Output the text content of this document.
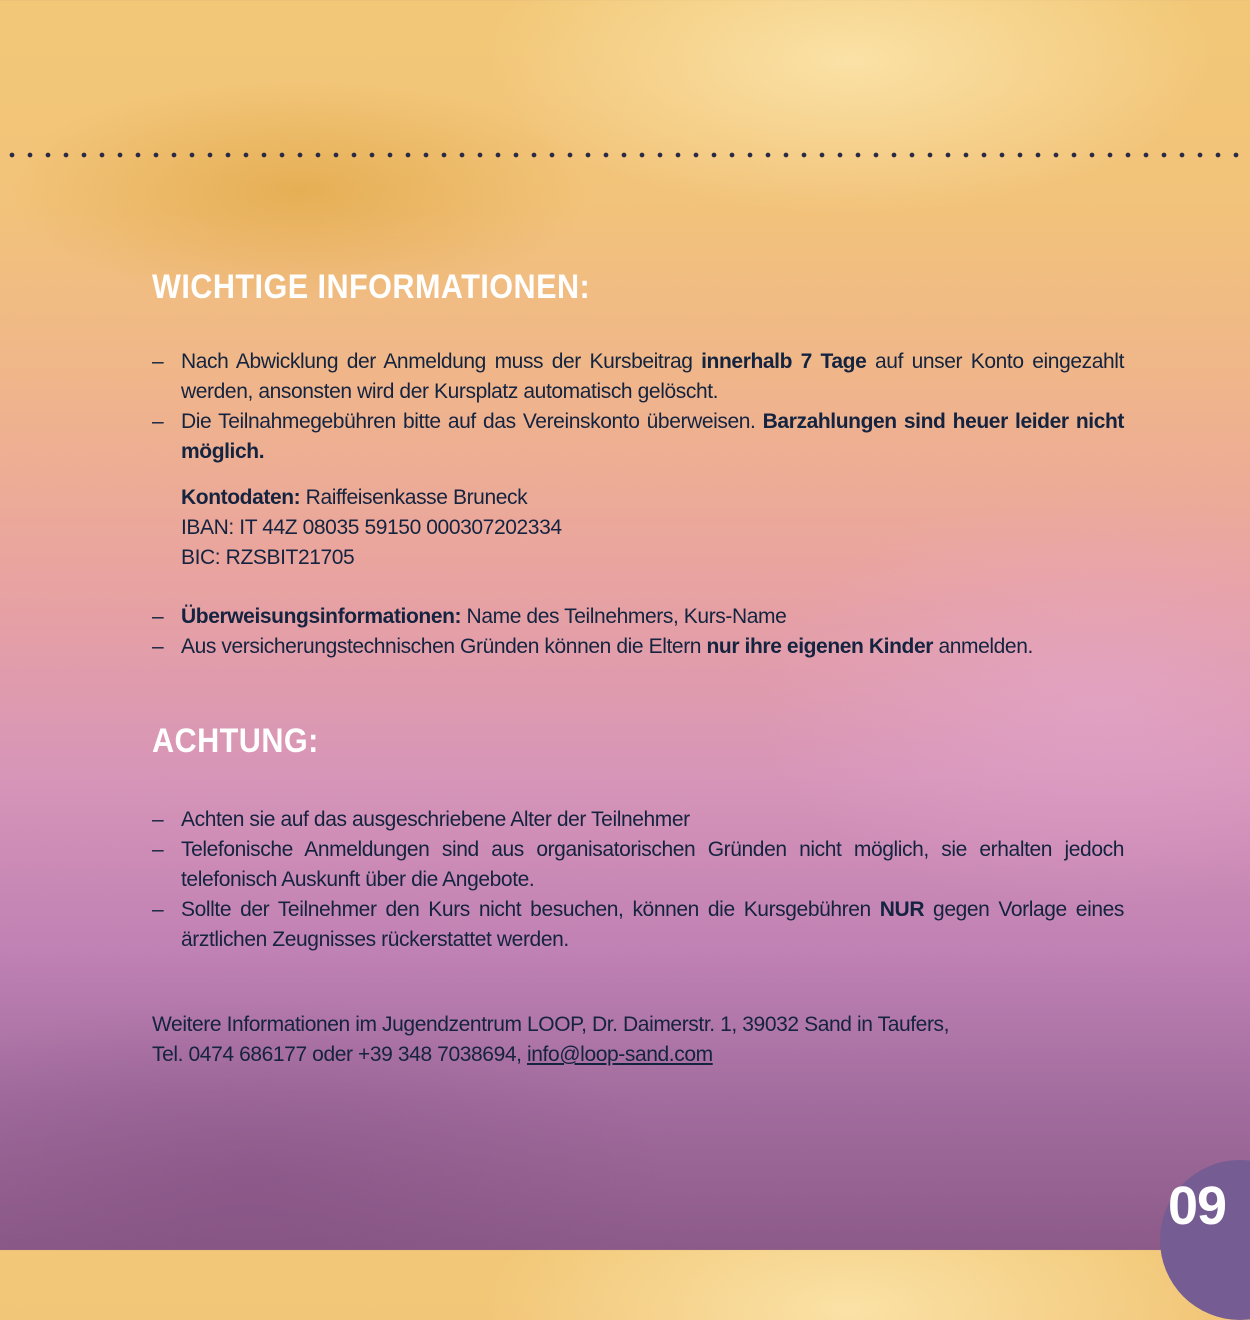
WICHTIGE INFORMATIONEN:
– Nach Abwicklung der Anmeldung muss der Kursbeitrag innerhalb 7 Tage auf unser Konto eingezahlt werden, ansonsten wird der Kursplatz automatisch gelöscht.
– Die Teilnahmegebühren bitte auf das Vereinskonto überweisen. Barzahlungen sind heuer leider nicht möglich.
Kontodaten: Raiffeisenkasse Bruneck
IBAN: IT 44Z 08035 59150 000307202334
BIC: RZSBIT21705
– Überweisungsinformationen: Name des Teilnehmers, Kurs-Name
– Aus versicherungstechnischen Gründen können die Eltern nur ihre eigenen Kinder anmelden.
ACHTUNG:
– Achten sie auf das ausgeschriebene Alter der Teilnehmer
– Telefonische Anmeldungen sind aus organisatorischen Gründen nicht möglich, sie erhalten jedoch telefonisch Auskunft über die Angebote.
– Sollte der Teilnehmer den Kurs nicht besuchen, können die Kursgebühren NUR gegen Vorlage eines ärztlichen Zeugnisses rückerstattet werden.
Weitere Informationen im Jugendzentrum LOOP, Dr. Daimerstr. 1, 39032 Sand in Taufers,
Tel. 0474 686177 oder +39 348 7038694, info@loop-sand.com
09
